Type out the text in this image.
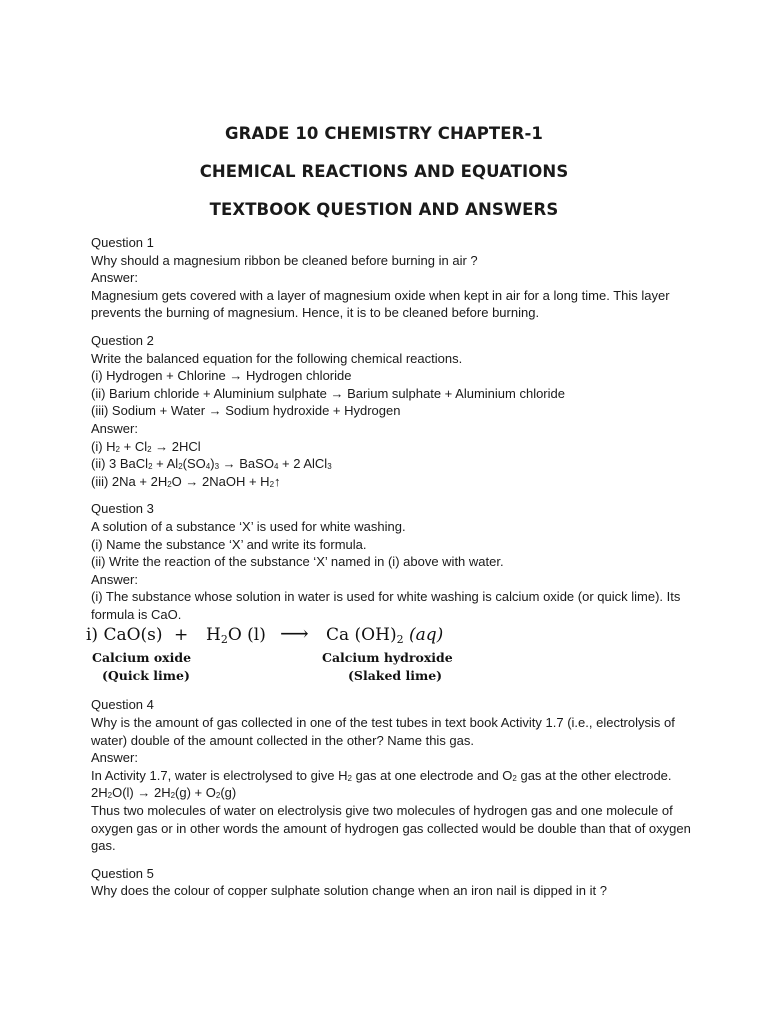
GRADE 10 CHEMISTRY CHAPTER-1
CHEMICAL REACTIONS AND EQUATIONS
TEXTBOOK QUESTION AND ANSWERS
Question 1
Why should a magnesium ribbon be cleaned before burning in air ?
Answer:
Magnesium gets covered with a layer of magnesium oxide when kept in air for a long time. This layer prevents the burning of magnesium. Hence, it is to be cleaned before burning.
Question 2
Write the balanced equation for the following chemical reactions.
(i) Hydrogen + Chlorine → Hydrogen chloride
(ii) Barium chloride + Aluminium sulphate → Barium sulphate + Aluminium chloride
(iii) Sodium + Water → Sodium hydroxide + Hydrogen
Answer:
(i) $H_2 + Cl_2 \to 2HCl$
(ii) 3 BaCl$_2$ + $Al_2(SO_4)_3$ → BaSO$_4$ + 2 AlCl$_3$
(iii) $2Na + 2H_2O$ → 2NaOH + $H_2↑$
Question 3
A solution of a substance ‘X’ is used for white washing.
(i) Name the substance ‘X’ and write its formula.
(ii) Write the reaction of the substance ‘X’ named in (i) above with water.
Answer:
(i) The substance whose solution in water is used for white washing is calcium oxide (or quick lime). Its formula is CaO.
i) $CaO(s) + H_2O$ (l) ⟶ Ca $(OH)_2$ (aq)
Calcium oxide
(Quick lime)
Calcium hydroxide
(Slaked lime)
Question 4
Why is the amount of gas collected in one of the test tubes in text book Activity 1.7 (i.e., electrolysis of water) double of the amount collected in the other? Name this gas.
Answer:
In Activity 1.7, water is electrolysed to give $H_2$ gas at one electrode and $O_2$ gas at the other electrode.
$2H_2O(l) \to 2H_2(g) + O_2(g)$
Thus two molecules of water on electrolysis give two molecules of hydrogen gas and one molecule of oxygen gas or in other words the amount of hydrogen gas collected would be double than that of oxygen gas.
Question 5
Why does the colour of copper sulphate solution change when an iron nail is dipped in it ?
